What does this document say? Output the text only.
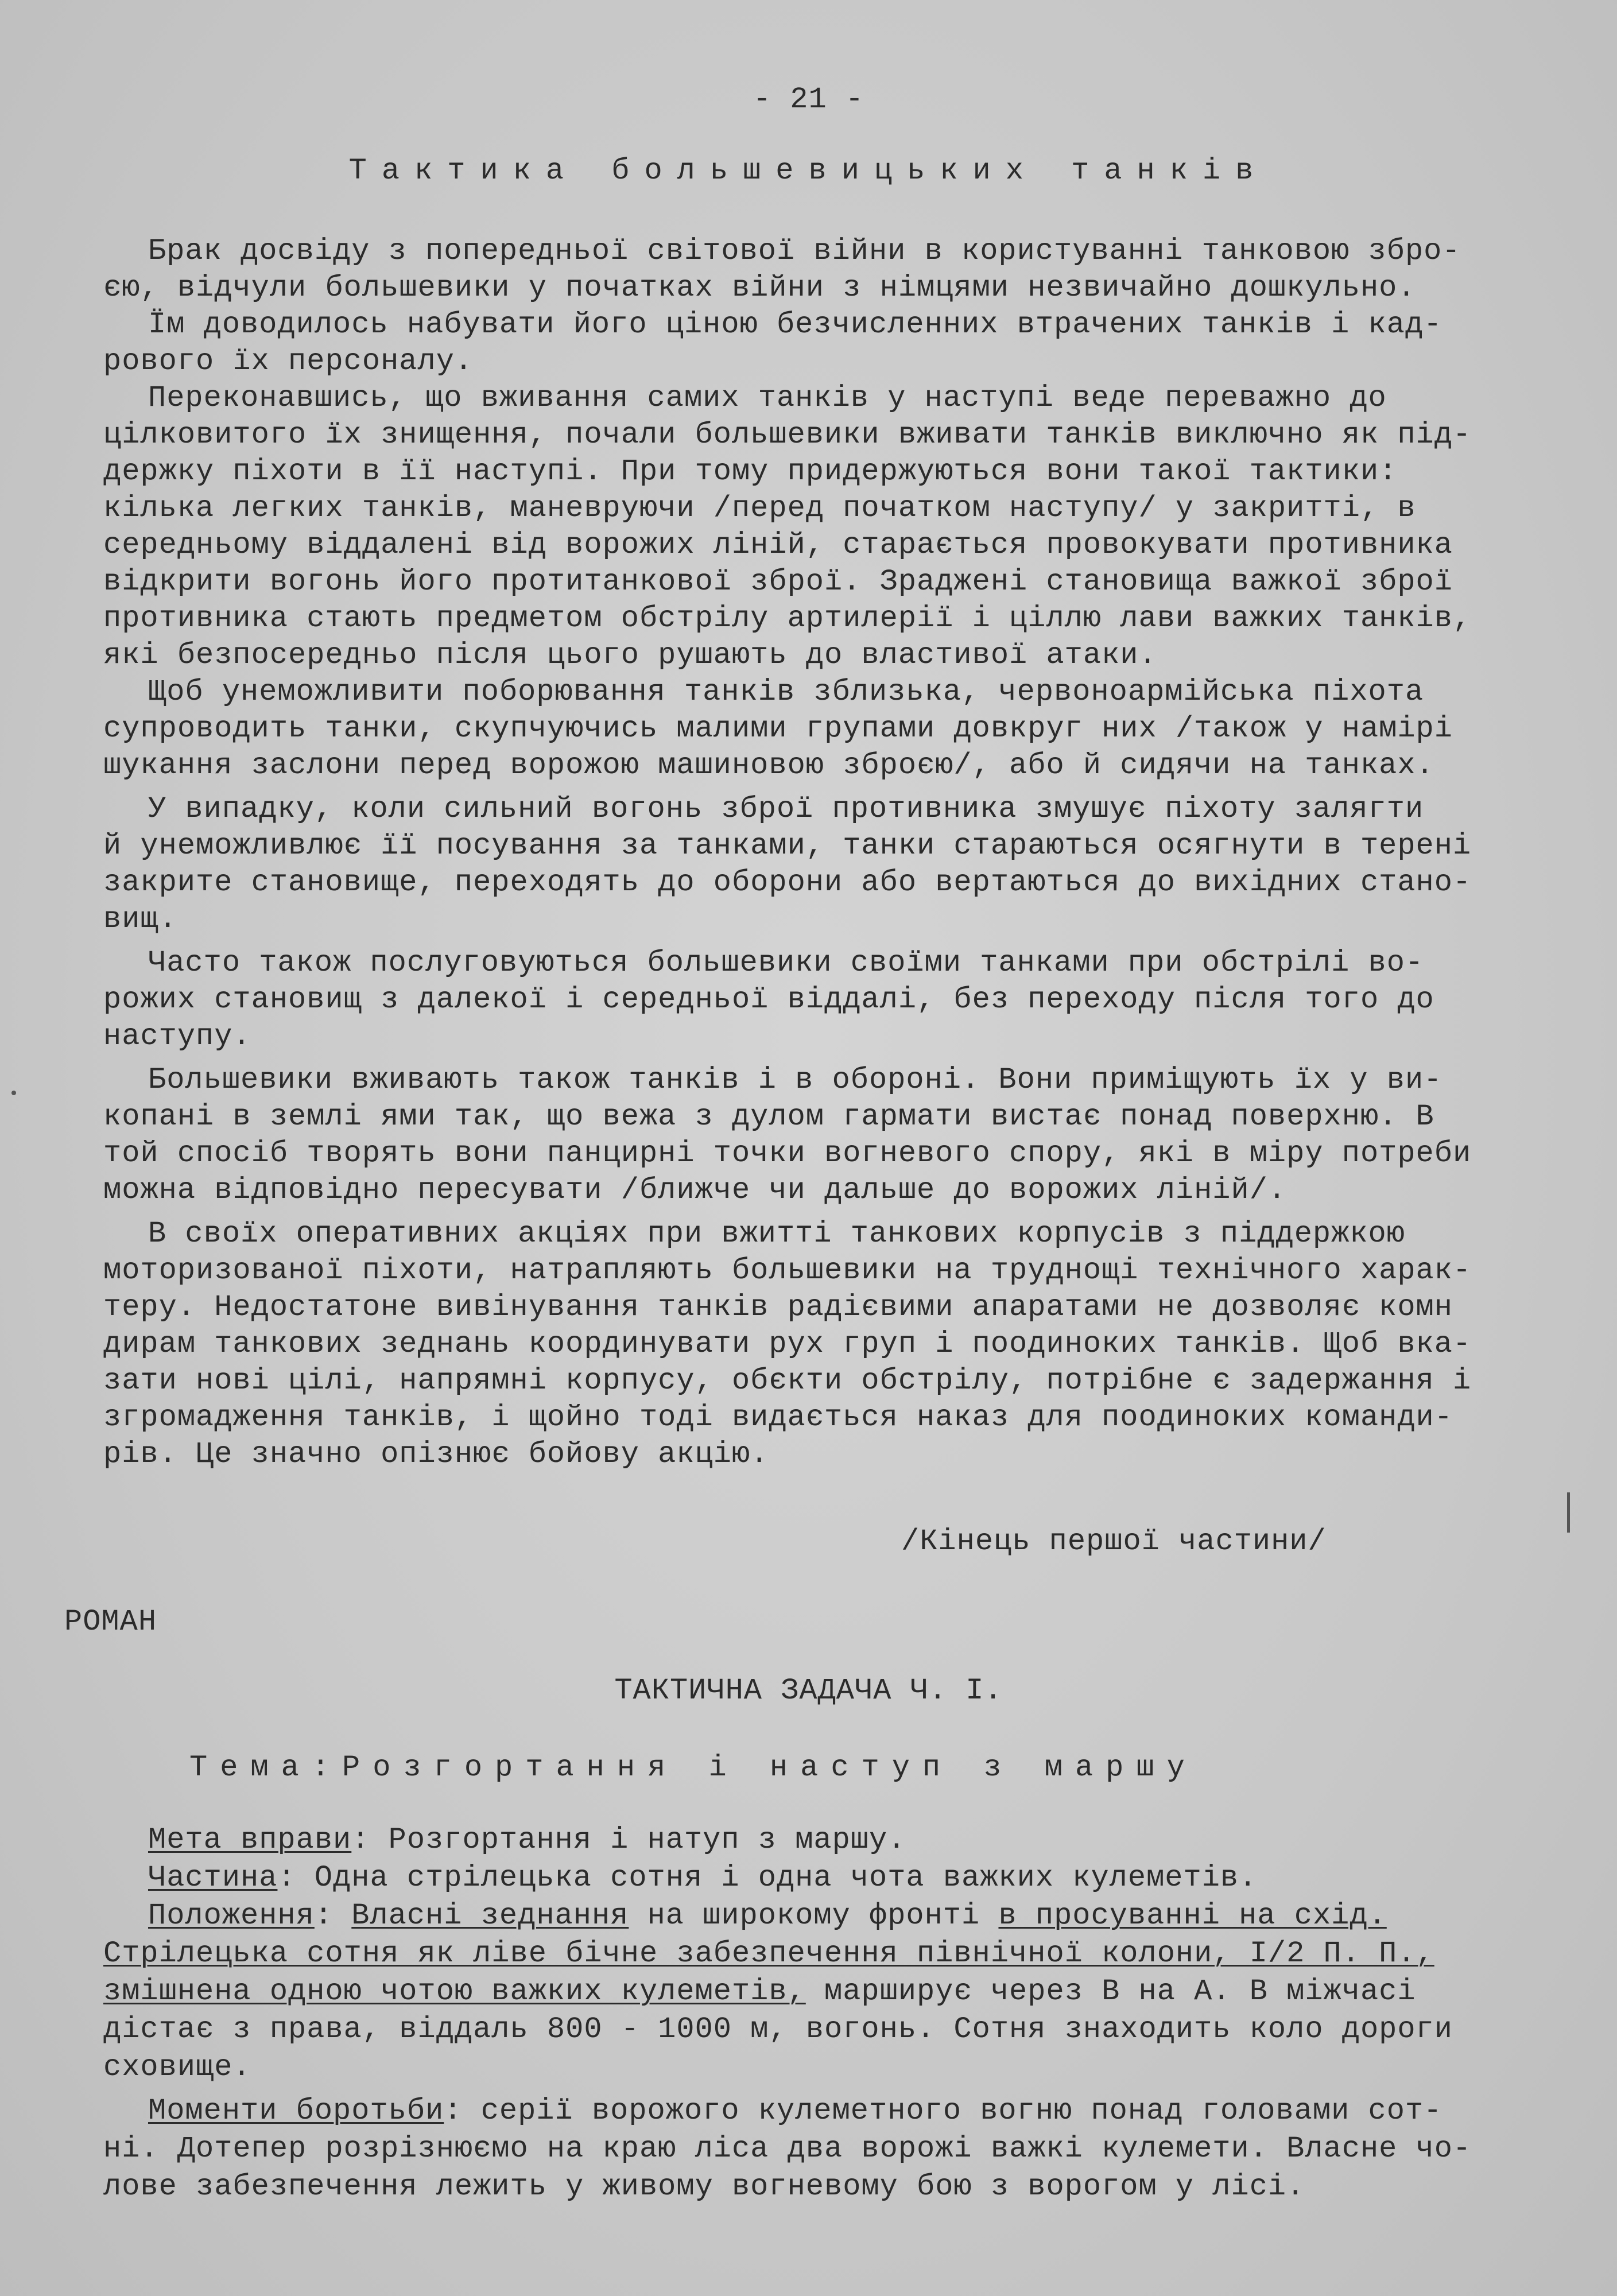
- 21 -
Тактика большевицьких танків
Брак досвіду з попередньої світової війни в користуванні танковою збро-
єю, відчули большевики у початках війни з німцями незвичайно дошкульно.
Їм доводилось набувати його ціною безчисленних втрачених танків і кад-
рового їх персоналу.
Переконавшись, що вживання самих танків у наступі веде переважно до
цілковитого їх знищення, почали большевики вживати танків виключно як під-
держку піхоти в її наступі. При тому придержуються вони такої тактики:
кілька легких танків, маневруючи /перед початком наступу/ у закритті, в
середньому віддалені від ворожих ліній, старається провокувати противника
відкрити вогонь його протитанкової зброї. Зраджені становища важкої зброї
противника стають предметом обстрілу артилерії і ціллю лави важких танків,
які безпосередньо після цього рушають до властивої атаки.
Щоб унеможливити поборювання танків зблизька, червоноармійська піхота
супроводить танки, скупчуючись малими групами довкруг них /також у намірі
шукання заслони перед ворожою машиновою зброєю/, або й сидячи на танках.
У випадку, коли сильний вогонь зброї противника змушує піхоту залягти
й унеможливлює її посування за танками, танки стараються осягнути в терені
закрите становище, переходять до оборони або вертаються до вихідних стано-
вищ.
Часто також послуговуються большевики своїми танками при обстрілі во-
рожих становищ з далекої і середньої віддалі, без переходу після того до
наступу.
Большевики вживають також танків і в обороні. Вони приміщують їх у ви-
копані в землі ями так, що вежа з дулом гармати вистає понад поверхню. В
той спосіб творять вони панцирні точки вогневого спору, які в міру потреби
можна відповідно пересувати /ближче чи дальше до ворожих ліній/.
В своїх оперативних акціях при вжитті танкових корпусів з піддержкою
моторизованої піхоти, натрапляють большевики на труднощі технічного харак-
теру. Недостатоне вивінування танків радієвими апаратами не дозволяє комн
дирам танкових зеднань координувати рух груп і поодиноких танків. Щоб вка-
зати нові цілі, напрямні корпусу, обєкти обстрілу, потрібне є задержання і
згромадження танків, і щойно тоді видається наказ для поодиноких команди-
рів. Це значно опізнює бойову акцію.
/Кінець першої частини/
РОМАН
ТАКТИЧНА ЗАДАЧА Ч. І.
Тема:Розгортання і наступ з маршу
Мета вправи: Розгортання і натуп з маршу.
Частина: Одна стрілецька сотня і одна чота важких кулеметів.
Положення: Власні зеднання на широкому фронті в просуванні на схід.
Стрілецька сотня як ліве бічне забезпечення північної колони, І/2 П. П.,
змішнена одною чотою важких кулеметів, марширує через В на А. В міжчасі
дістає з права, віддаль 800 - 1000 м, вогонь. Сотня знаходить коло дороги
сховище.
Моменти боротьби: серії ворожого кулеметного вогню понад головами сот-
ні. Дотепер розрізнюємо на краю ліса два ворожі важкі кулемети. Власне чо-
лове забезпечення лежить у живому вогневому бою з ворогом у лісі.
